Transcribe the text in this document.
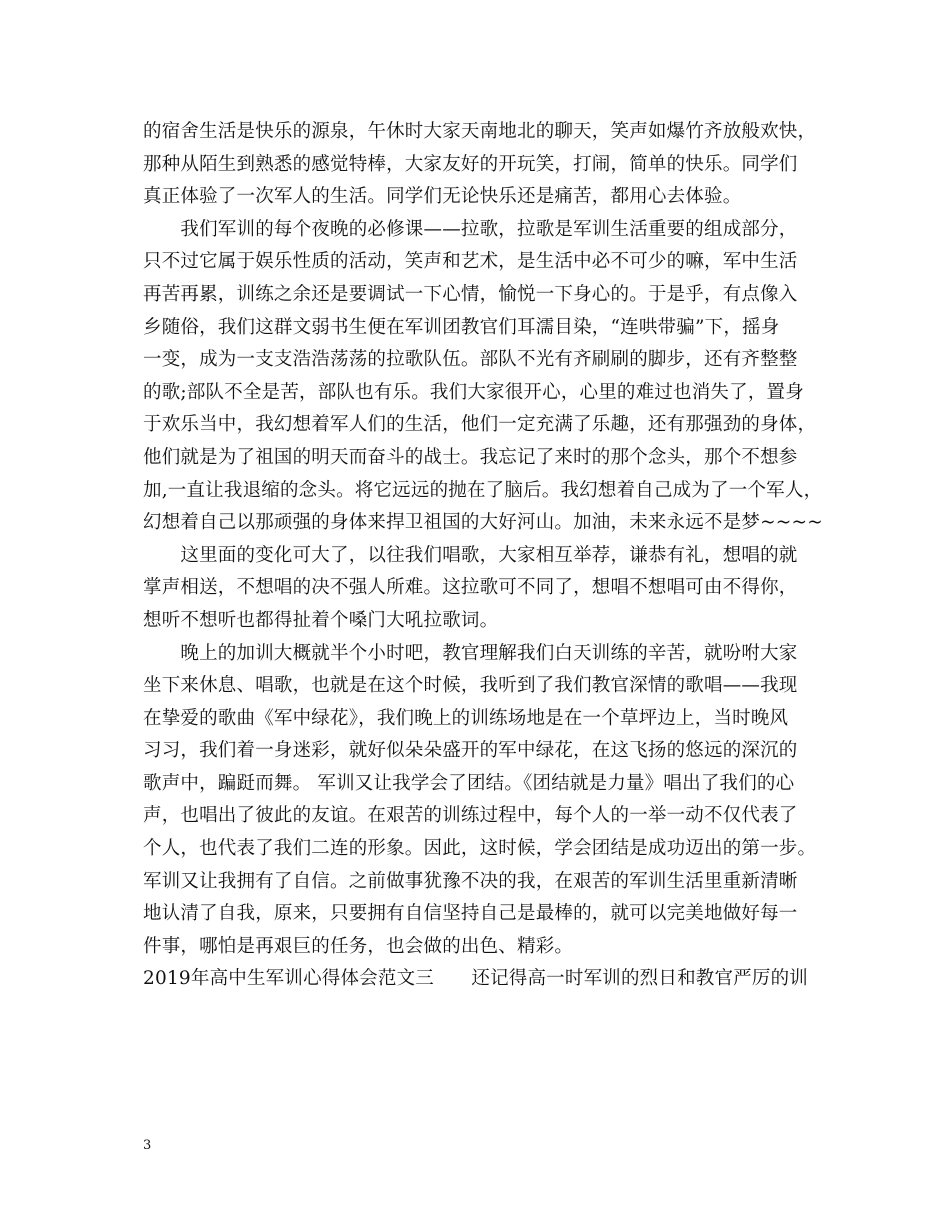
的宿舍生活是快乐的源泉，午休时大家天南地北的聊天，笑声如爆竹齐放般欢快，
那种从陌生到熟悉的感觉特棒，大家友好的开玩笑，打闹，简单的快乐。同学们
真正体验了一次军人的生活。同学们无论快乐还是痛苦，都用心去体验。
　　我们军训的每个夜晚的必修课——拉歌，拉歌是军训生活重要的组成部分，
只不过它属于娱乐性质的活动，笑声和艺术，是生活中必不可少的嘛，军中生活
再苦再累，训练之余还是要调试一下心情，愉悦一下身心的。于是乎，有点像入
乡随俗，我们这群文弱书生便在军训团教官们耳濡目染，“连哄带骗”下，摇身
一变，成为一支支浩浩荡荡的拉歌队伍。部队不光有齐刷刷的脚步，还有齐整整
的歌;部队不全是苦，部队也有乐。我们大家很开心，心里的难过也消失了，置身
于欢乐当中，我幻想着军人们的生活，他们一定充满了乐趣，还有那强劲的身体，
他们就是为了祖国的明天而奋斗的战士。我忘记了来时的那个念头，那个不想参
加,一直让我退缩的念头。将它远远的抛在了脑后。我幻想着自己成为了一个军人，
幻想着自己以那顽强的身体来捍卫祖国的大好河山。加油，未来永远不是梦~~~~
　　这里面的变化可大了，以往我们唱歌，大家相互举荐，谦恭有礼，想唱的就
掌声相送，不想唱的决不强人所难。这拉歌可不同了，想唱不想唱可由不得你，
想听不想听也都得扯着个嗓门大吼拉歌词。
　　晚上的加训大概就半个小时吧，教官理解我们白天训练的辛苦，就吩咐大家
坐下来休息、唱歌，也就是在这个时候，我听到了我们教官深情的歌唱——我现
在挚爱的歌曲《军中绿花》，我们晚上的训练场地是在一个草坪边上，当时晚风
习习，我们着一身迷彩，就好似朵朵盛开的军中绿花，在这飞扬的悠远的深沉的
歌声中，蹁跹而舞。 军训又让我学会了团结。《团结就是力量》唱出了我们的心
声，也唱出了彼此的友谊。在艰苦的训练过程中，每个人的一举一动不仅代表了
个人，也代表了我们二连的形象。因此，这时候，学会团结是成功迈出的第一步。
军训又让我拥有了自信。之前做事犹豫不决的我，在艰苦的军训生活里重新清晰
地认清了自我，原来，只要拥有自信坚持自己是最棒的，就可以完美地做好每一
件事，哪怕是再艰巨的任务，也会做的出色、精彩。
2019年高中生军训心得体会范文三　　还记得高一时军训的烈日和教官严厉的训
3
